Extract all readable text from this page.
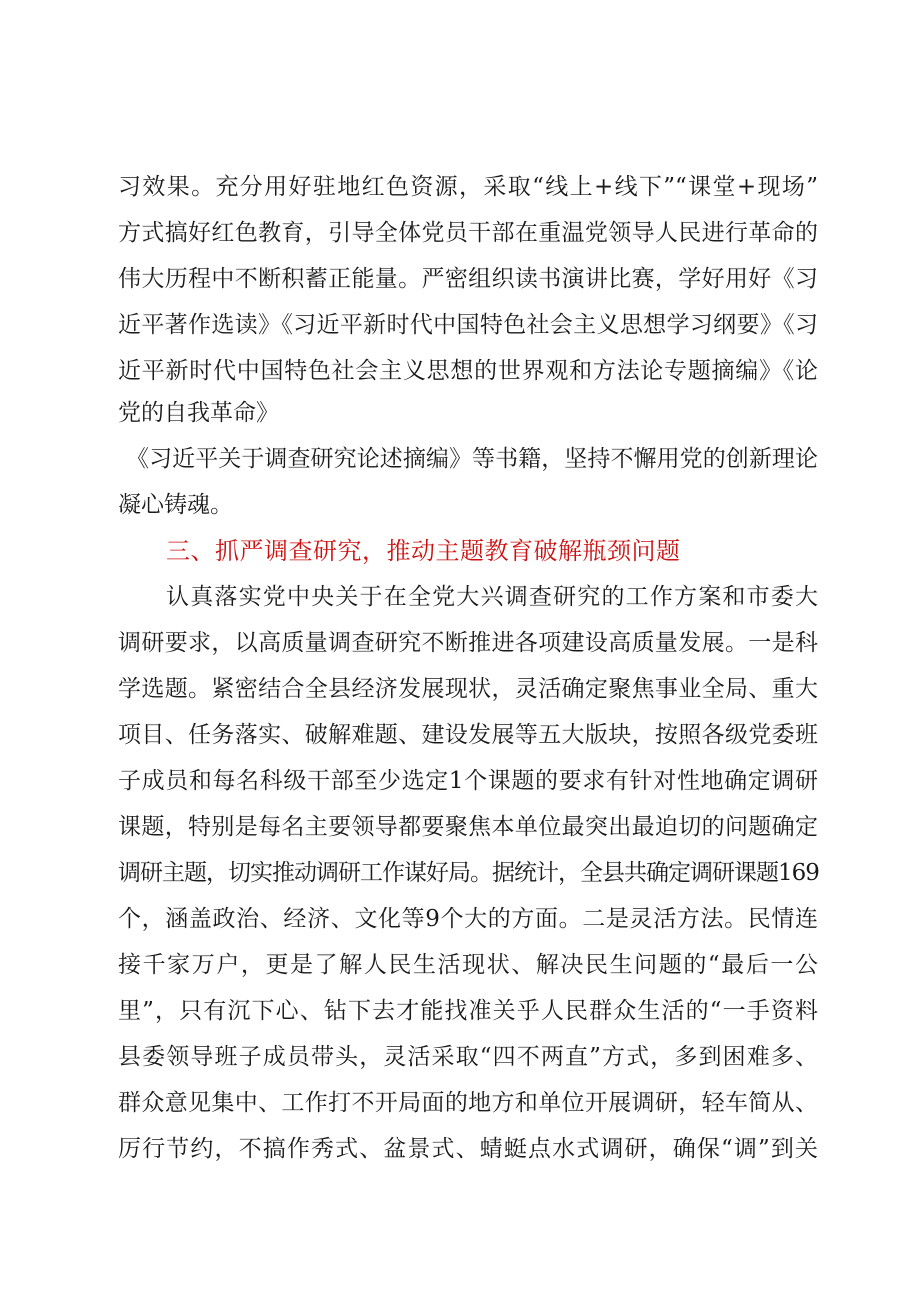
习效果。充分用好驻地红色资源，采取“线上+线下”“课堂+现场”
方式搞好红色教育，引导全体党员干部在重温党领导人民进行革命的
伟大历程中不断积蓄正能量。严密组织读书演讲比赛，学好用好《习
近平著作选读》《习近平新时代中国特色社会主义思想学习纲要》《习
近平新时代中国特色社会主义思想的世界观和方法论专题摘编》《论
党的自我革命》
《习近平关于调查研究论述摘编》等书籍，坚持不懈用党的创新理论
凝心铸魂。
三、抓严调查研究，推动主题教育破解瓶颈问题
认真落实党中央关于在全党大兴调查研究的工作方案和市委大
调研要求，以高质量调查研究不断推进各项建设高质量发展。一是科
学选题。紧密结合全县经济发展现状，灵活确定聚焦事业全局、重大
项目、任务落实、破解难题、建设发展等五大版块，按照各级党委班
子成员和每名科级干部至少选定1个课题的要求有针对性地确定调研
课题，特别是每名主要领导都要聚焦本单位最突出最迫切的问题确定
调研主题，切实推动调研工作谋好局。据统计，全县共确定调研课题169
个，涵盖政治、经济、文化等9个大的方面。二是灵活方法。民情连
接千家万户，更是了解人民生活现状、解决民生问题的“最后一公
里”，只有沉下心、钻下去才能找准关乎人民群众生活的“一手资料
县委领导班子成员带头，灵活采取“四不两直”方式，多到困难多、
群众意见集中、工作打不开局面的地方和单位开展调研，轻车简从、
厉行节约，不搞作秀式、盆景式、蜻蜓点水式调研，确保“调”到关
